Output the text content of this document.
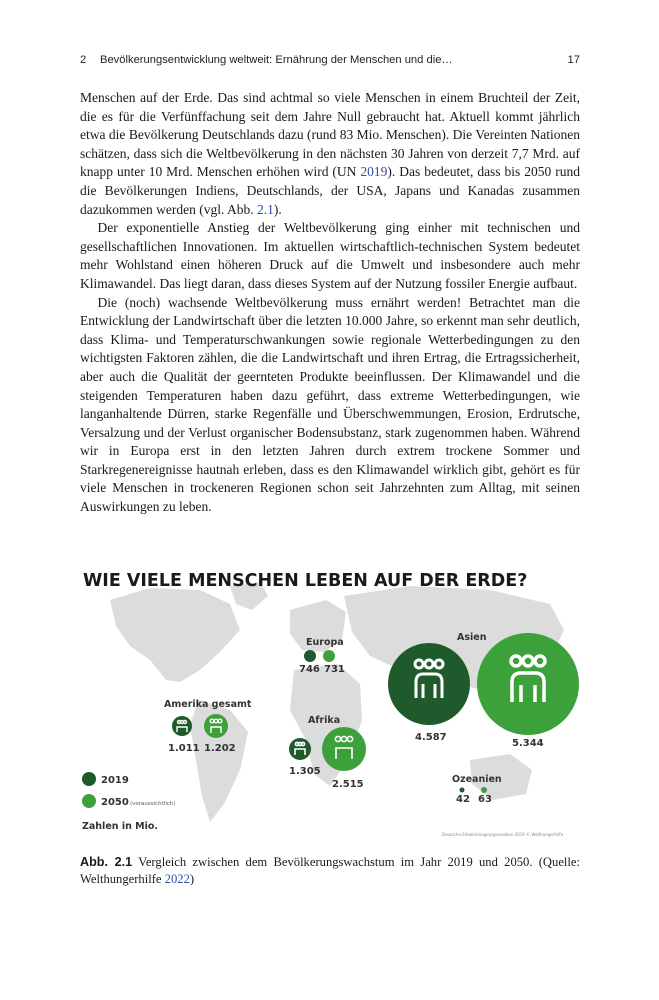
2 Bevölkerungsentwicklung weltweit: Ernährung der Menschen und die…	17

Menschen auf der Erde. Das sind achtmal so viele Menschen in einem Bruchteil der Zeit, die es für die Verfünffachung seit dem Jahre Null gebraucht hat. Aktuell kommt jährlich etwa die Bevölkerung Deutschlands dazu (rund 83 Mio. Menschen). Die Vereinten Nationen schätzen, dass sich die Weltbevölkerung in den nächsten 30 Jahren von derzeit 7,7 Mrd. auf knapp unter 10 Mrd. Menschen erhöhen wird (UN 2019). Das bedeutet, dass bis 2050 rund die Bevölkerungen Indiens, Deutschlands, der USA, Japans und Kanadas zusammen dazukommen werden (vgl. Abb. 2.1).

Der exponentielle Anstieg der Weltbevölkerung ging einher mit technischen und gesellschaftlichen Innovationen. Im aktuellen wirtschaftlich-technischen System bedeutet mehr Wohlstand einen höheren Druck auf die Umwelt und insbesondere auch mehr Klimawandel. Das liegt daran, dass dieses System auf der Nutzung fossiler Energie aufbaut.

Die (noch) wachsende Weltbevölkerung muss ernährt werden! Betrachtet man die Entwicklung der Landwirtschaft über die letzten 10.000 Jahre, so erkennt man sehr deutlich, dass Klima- und Temperaturschwankungen sowie regionale Wetterbedingungen zu den wichtigsten Faktoren zählen, die die Landwirtschaft und ihren Ertrag, die Ertragssicherheit, aber auch die Qualität der geernteten Produkte beeinflussen. Der Klimawandel und die steigenden Temperaturen haben dazu geführt, dass extreme Wetterbedingungen, wie langanhaltende Dürren, starke Regenfälle und Überschwemmungen, Erosion, Erdrutsche, Versalzung und der Verlust organischer Bodensubstanz, stark zugenommen haben. Während wir in Europa erst in den letzten Jahren durch extrem trockene Sommer und Starkregenereignisse hautnah erleben, dass es den Klimawandel wirklich gibt, gehört es für viele Menschen in trockeneren Regionen schon seit Jahrzehnten zum Alltag, mit seinen Auswirkungen zu leben.

WIE VIELE MENSCHEN LEBEN AUF DER ERDE?
Europa
746 731
Asien
4.587
5.344
Amerika gesamt
1.011 1.202
Afrika
1.305
2.515	Ozeanien
42 63
2019
2050 (voraussichtlich)
Zahlen in Mio.
Deutsche Entwicklungsorganisation 2019 © Welthungerhilfe
Abb. 2.1 Vergleich zwischen dem Bevölkerungswachstum im Jahr 2019 und 2050. (Quelle: Welthungerhilfe 2022)
